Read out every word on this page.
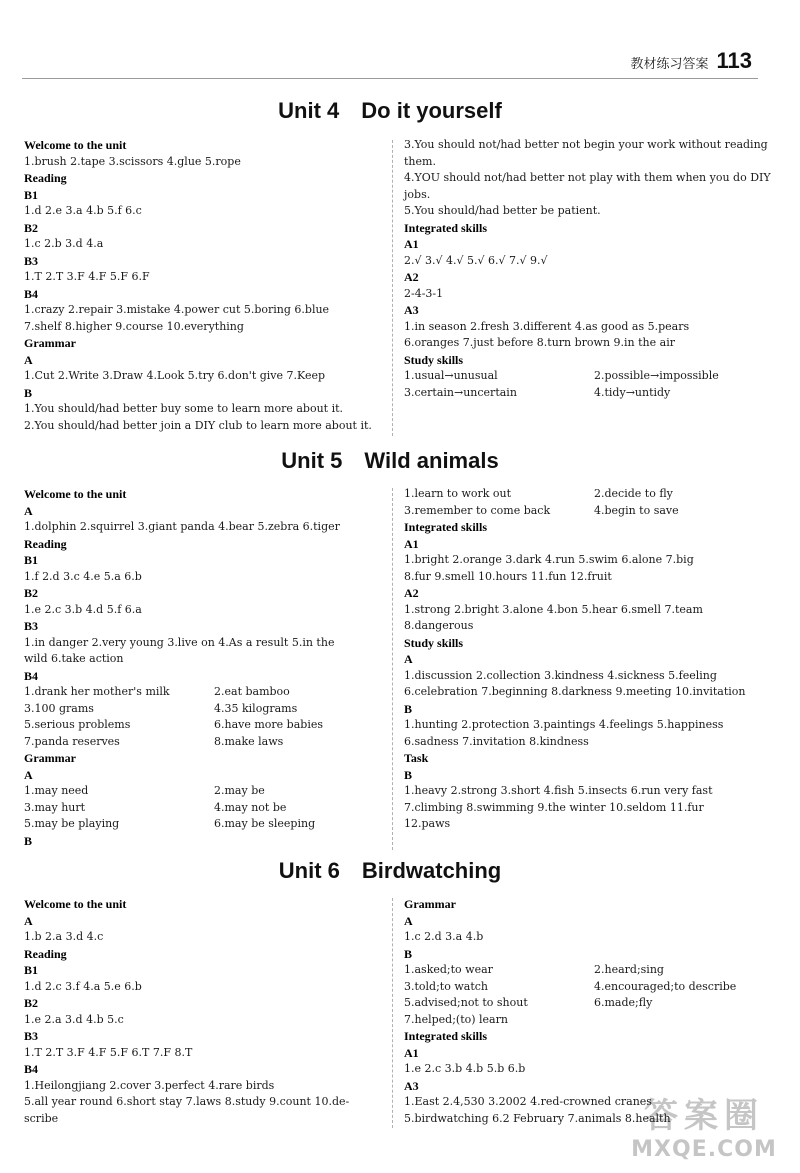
教材练习答案 113
Unit 4 Do it yourself
Welcome to the unit
1.brush 2.tape 3.scissors 4.glue 5.rope
Reading
B1
1.d 2.e 3.a 4.b 5.f 6.c
B2
1.c 2.b 3.d 4.a
B3
1.T 2.T 3.F 4.F 5.F 6.F
B4
1.crazy 2.repair 3.mistake 4.power cut 5.boring 6.blue
7.shelf 8.higher 9.course 10.everything
Grammar
A
1.Cut 2.Write 3.Draw 4.Look 5.try 6.don't give 7.Keep
B
1.You should/had better buy some to learn more about it.
2.You should/had better join a DIY club to learn more about it.
3.You should not/had better not begin your work without reading
them.
4.YOU should not/had better not play with them when you do DIY
jobs.
5.You should/had better be patient.
Integrated skills
A1
2.√ 3.√ 4.√ 5.√ 6.√ 7.√ 9.√
A2
2-4-3-1
A3
1.in season 2.fresh 3.different 4.as good as 5.pears
6.oranges 7.just before 8.turn brown 9.in the air
Study skills
1.usual→unusual	2.possible→impossible
3.certain→uncertain	4.tidy→untidy
Unit 5 Wild animals
Welcome to the unit
A
1.dolphin 2.squirrel 3.giant panda 4.bear 5.zebra 6.tiger
Reading
B1
1.f 2.d 3.c 4.e 5.a 6.b
B2
1.e 2.c 3.b 4.d 5.f 6.a
B3
1.in danger 2.very young 3.live on 4.As a result 5.in the
wild 6.take action
B4
1.drank her mother's milk	2.eat bamboo
3.100 grams	4.35 kilograms
5.serious problems	6.have more babies
7.panda reserves	8.make laws
Grammar
A
1.may need	2.may be
3.may hurt	4.may not be
5.may be playing	6.may be sleeping
B
1.learn to work out	2.decide to fly
3.remember to come back	4.begin to save
Integrated skills
A1
1.bright 2.orange 3.dark 4.run 5.swim 6.alone 7.big
8.fur 9.smell 10.hours 11.fun 12.fruit
A2
1.strong 2.bright 3.alone 4.bon 5.hear 6.smell 7.team
8.dangerous
Study skills
A
1.discussion 2.collection 3.kindness 4.sickness 5.feeling
6.celebration 7.beginning 8.darkness 9.meeting 10.invitation
B
1.hunting 2.protection 3.paintings 4.feelings 5.happiness
6.sadness 7.invitation 8.kindness
Task
B
1.heavy 2.strong 3.short 4.fish 5.insects 6.run very fast
7.climbing 8.swimming 9.the winter 10.seldom 11.fur
12.paws
Unit 6 Birdwatching
Welcome to the unit
A
1.b 2.a 3.d 4.c
Reading
B1
1.d 2.c 3.f 4.a 5.e 6.b
B2
1.e 2.a 3.d 4.b 5.c
B3
1.T 2.T 3.F 4.F 5.F 6.T 7.F 8.T
B4
1.Heilongjiang 2.cover 3.perfect 4.rare birds
5.all year round 6.short stay 7.laws 8.study 9.count 10.de-
scribe
Grammar
A
1.c 2.d 3.a 4.b
B
1.asked;to wear	2.heard;sing
3.told;to watch	4.encouraged;to describe
5.advised;not to shout	6.made;fly
7.helped;(to) learn
Integrated skills
A1
1.e 2.c 3.b 4.b 5.b 6.b
A3
1.East 2.4,530 3.2002 4.red-crowned cranes
5.birdwatching 6.2 February 7.animals 8.health
答案圈
MXQE.COM
